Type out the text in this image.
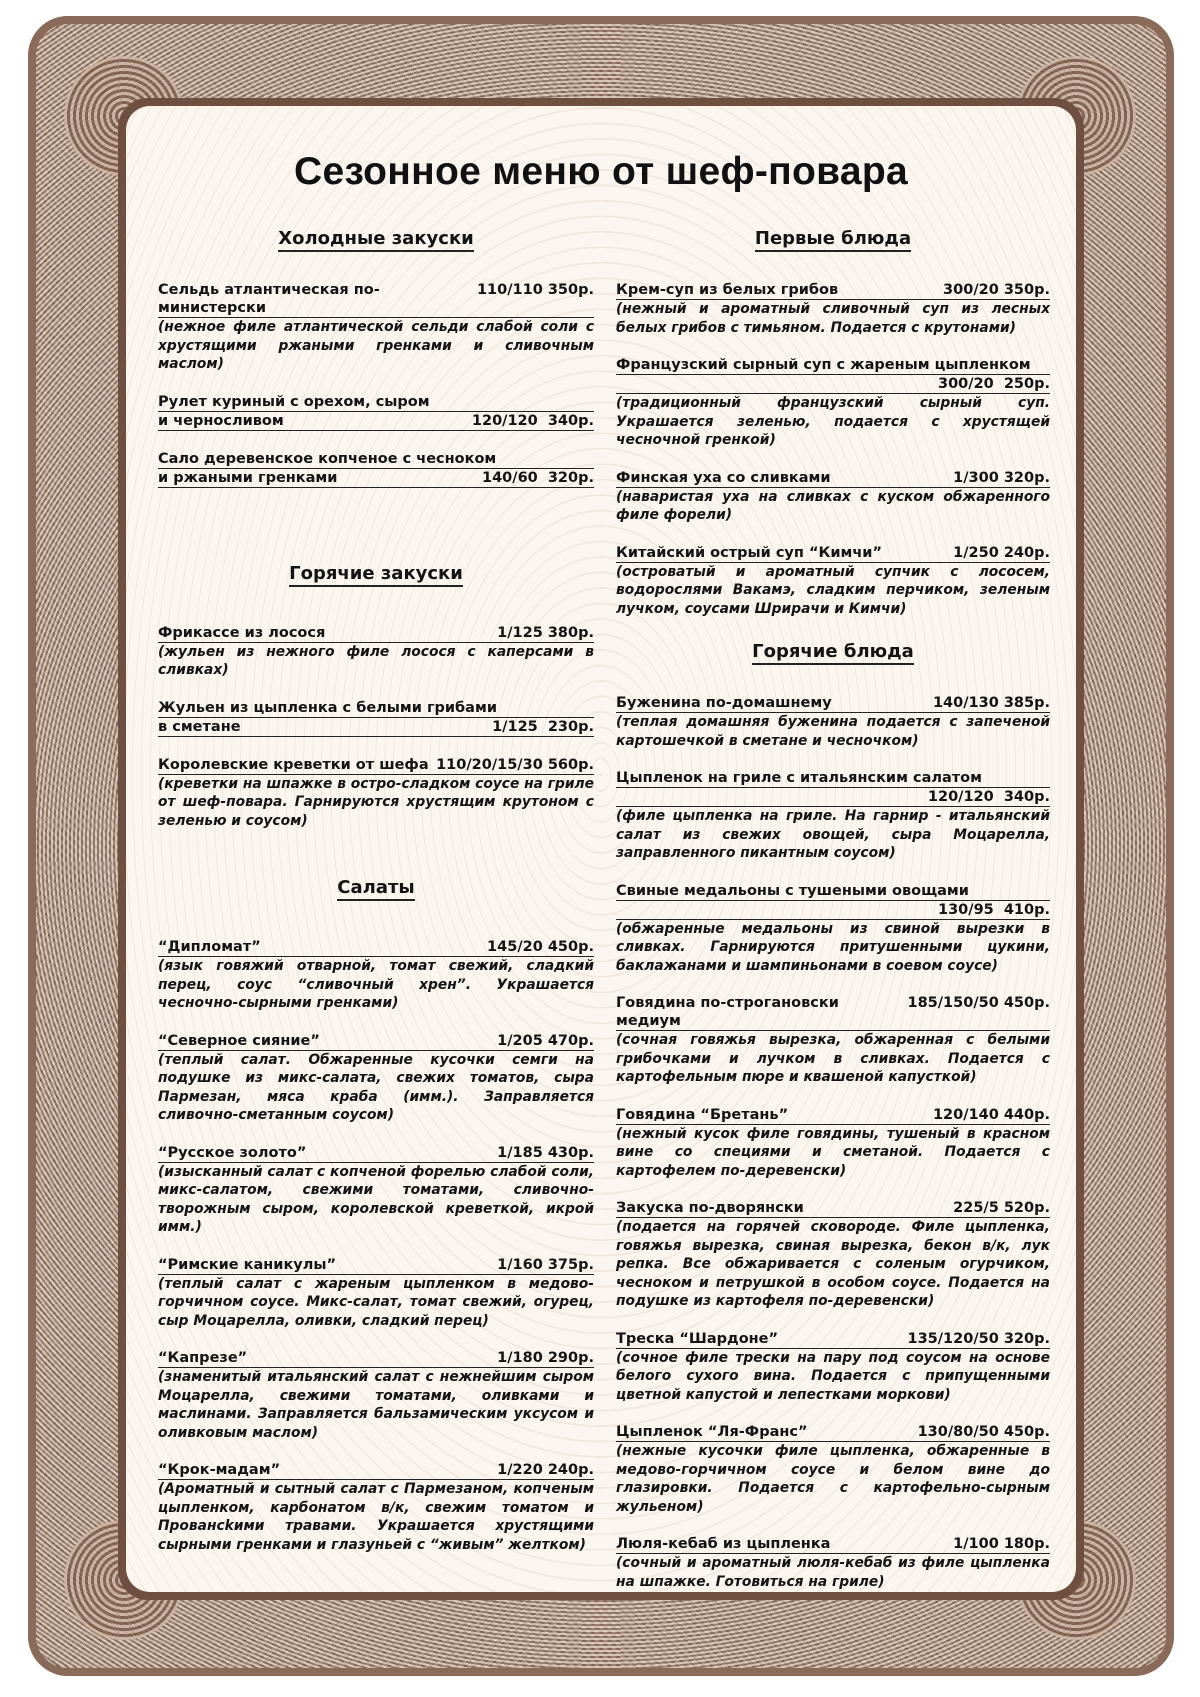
Сезонное меню от шеф-повара
Холодные закуски
Сельдь атлантическая по-министерски
110/110 350р.
(нежное филе атлантической сельди слабой соли с хрустящими ржаными гренками и сливочным маслом)
Рулет куриный с орехом, сыром
и черносливом	120/120  340р.
Сало деревенское копченое с чесноком
и ржаными гренками	140/60  320р.
Горячие закуски
Фрикассе из лосося	1/125 380р.
(жульен из нежного филе лосося с каперсами в сливках)
Жульен из цыпленка с белыми грибами
в сметане	1/125  230р.
Королевские креветки от шефа 110/20/15/30 560р.
(креветки на шпажке в остро-сладком соусе на гриле от шеф-повара. Гарнируются хрустящим крутоном с зеленью и соусом)
Салаты
“Дипломат”	145/20 450р.
(язык говяжий отварной, томат свежий, сладкий перец, соус “сливочный хрен”. Украшается чесночно-сырными гренками)
“Северное сияние”	1/205 470р.
(теплый салат. Обжаренные кусочки семги на подушке из микс-салата, свежих томатов, сыра Пармезан, мяса краба (имм.). Заправляется сливочно-сметанным соусом)
“Русское золото”	1/185 430р.
(изысканный салат с копченой форелью слабой соли, микс-салатом, свежими томатами, сливочно-творожным сыром, королевской креветкой, икрой имм.)
“Римские каникулы”	1/160 375р.
(теплый салат с жареным цыпленком в медово-горчичном соусе. Микс-салат, томат свежий, огурец, сыр Моцарелла, оливки, сладкий перец)
“Капрезе”	1/180 290р.
(знаменитый итальянский салат с нежнейшим сыром Моцарелла, свежими томатами, оливками и маслинами. Заправляется бальзамическим уксусом и оливковым маслом)
“Крок-мадам”	1/220 240р.
(Ароматный и сытный салат с Пармезаном, копченым цыпленком, карбонатом в/к, свежим томатом и Провансkими травами. Украшается хрустящими сырными гренками и глазуньей с “живым” желтком)
Первые блюда
Крем-суп из белых грибов	300/20 350р.
(нежный и ароматный сливочный суп из лесных белых грибов с тимьяном. Подается с крутонами)
Французский сырный суп с жареным цыпленком
300/20  250р.
(традиционный французский сырный суп. Украшается зеленью, подается с хрустящей чесночной гренкой)
Финская уха со сливками	1/300 320р.
(наваристая уха на сливках с куском обжаренного филе форели)
Китайский острый суп “Кимчи”	1/250 240р.
(островатый и ароматный супчик с лососем, водорослями Вакамэ, сладким перчиком, зеленым лучком, соусами Шрирачи и Кимчи)
Горячие блюда
Буженина по-домашнему	140/130 385р.
(теплая домашняя буженина подается с запеченой картошечкой в сметане и чесночком)
Цыпленок на гриле с итальянским салатом
120/120  340р.
(филе цыпленка на гриле. На гарнир - итальянский салат из свежих овощей, сыра Моцарелла, заправленного пикантным соусом)
Свиные медальоны с тушеными овощами
130/95  410р.
(обжаренные медальоны из свиной вырезки в сливках. Гарнируются притушенными цукини, баклажанами и шампиньонами в соевом соусе)
Говядина по-строгановски медиум
185/150/50 450р.
(сочная говяжья вырезка, обжаренная с белыми грибочками и лучком в сливках. Подается с картофельным пюре и квашеной капусткой)
Говядина “Бретань”	120/140 440р.
(нежный кусок филе говядины, тушеный в красном вине со специями и сметаной. Подается с картофелем по-деревенски)
Закуска по-дворянски	225/5 520р.
(подается на горячей сковороде. Филе цыпленка, говяжья вырезка, свиная вырезка, бекон в/к, лук репка. Все обжаривается с соленым огурчиком, чесноком и петрушкой в особом соусе. Подается на подушке из картофеля по-деревенски)
Треска “Шардоне”	135/120/50 320р.
(сочное филе трески на пару под соусом на основе белого сухого вина. Подается с припущенными цветной капустой и лепестками моркови)
Цыпленок “Ля-Франс”	130/80/50 450р.
(нежные кусочки филе цыпленка, обжаренные в медово-горчичном соусе и белом вине до глазировки. Подается с картофельно-сырным жульеном)
Люля-кебаб из цыпленка	1/100 180р.
(сочный и ароматный люля-кебаб из филе цыпленка на шпажке. Готовиться на гриле)
